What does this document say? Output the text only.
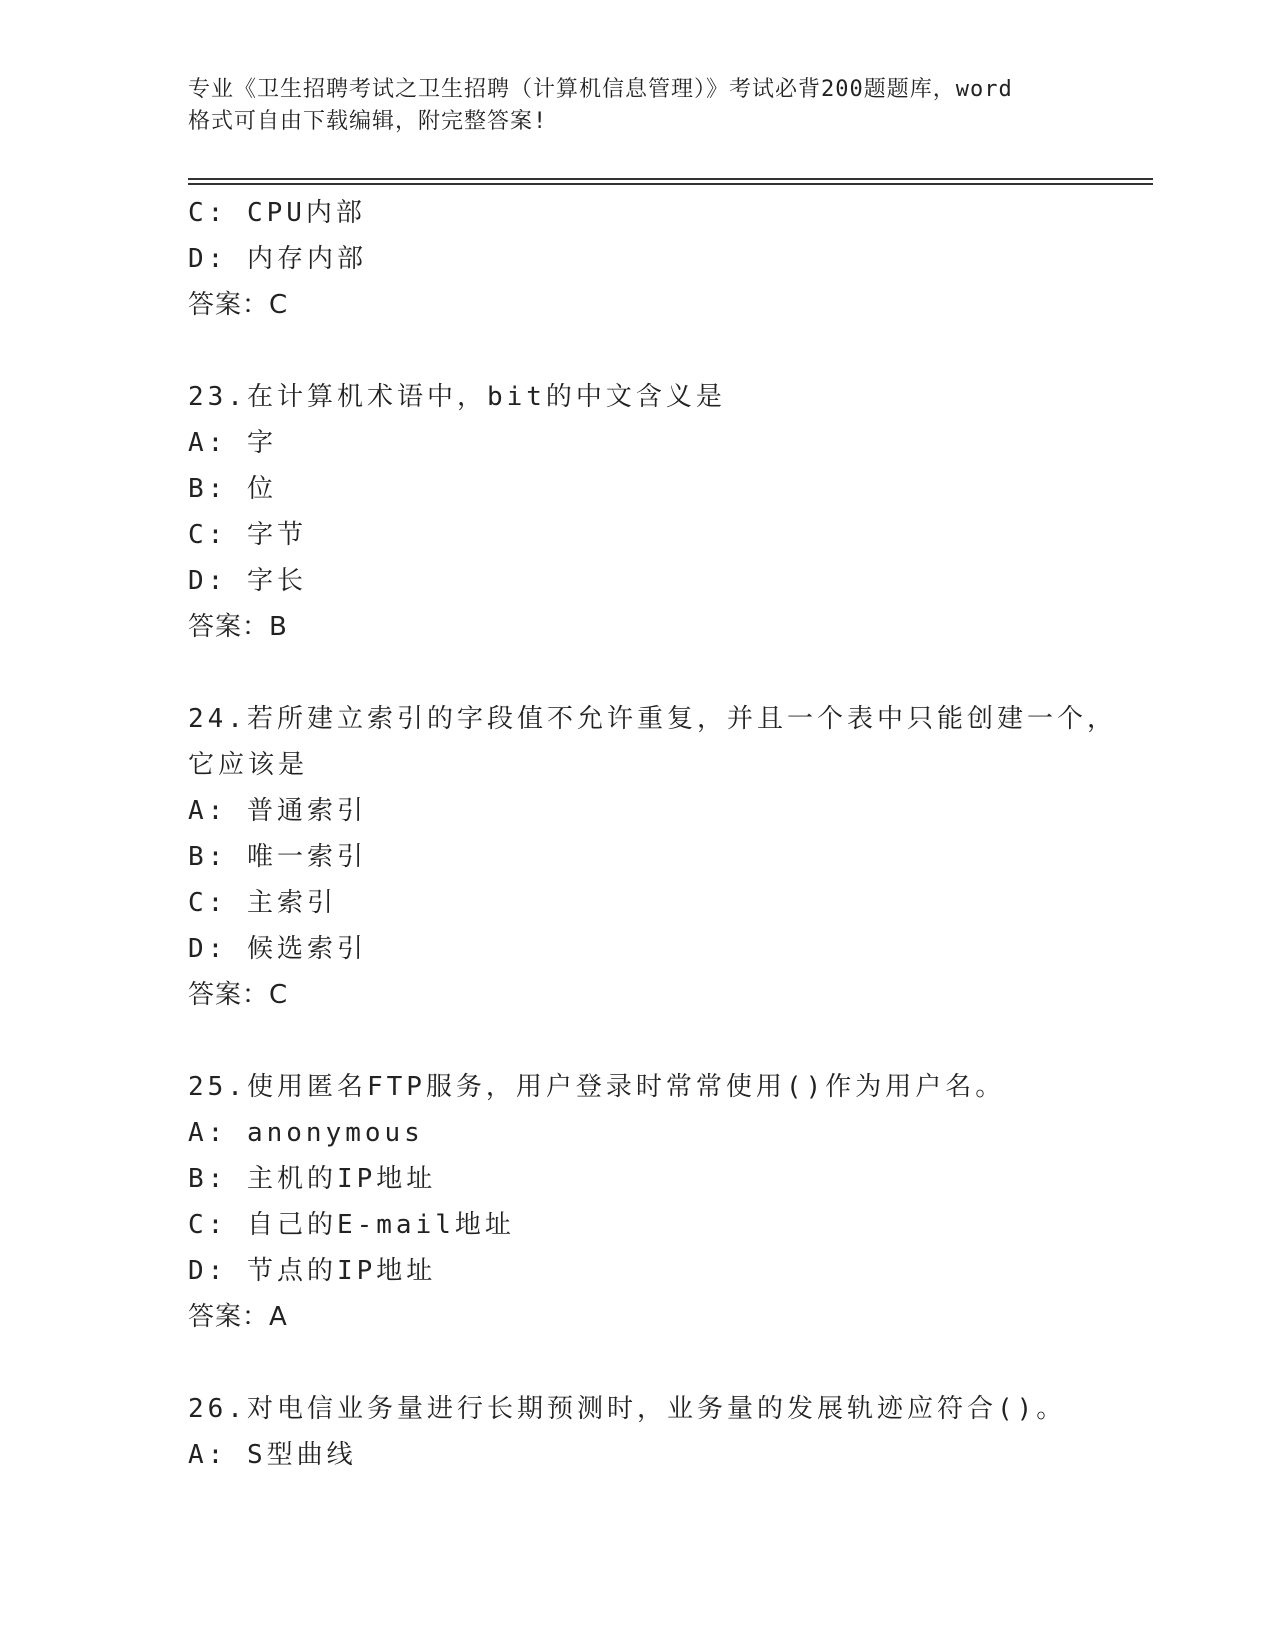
专业《卫生招聘考试之卫生招聘（计算机信息管理）》考试必背200题题库，word
格式可自由下载编辑，附完整答案!
C: CPU内部
D: 内存内部
答案：C
23.在计算机术语中，bit的中文含义是
A: 字
B: 位
C: 字节
D: 字长
答案：B
24.若所建立索引的字段值不允许重复，并且一个表中只能创建一个，
它应该是
A: 普通索引
B: 唯一索引
C: 主索引
D: 候选索引
答案：C
25.使用匿名FTP服务，用户登录时常常使用()作为用户名。
A: anonymous
B: 主机的IP地址
C: 自己的E-mail地址
D: 节点的IP地址
答案：A
26.对电信业务量进行长期预测时，业务量的发展轨迹应符合()。
A: S型曲线
